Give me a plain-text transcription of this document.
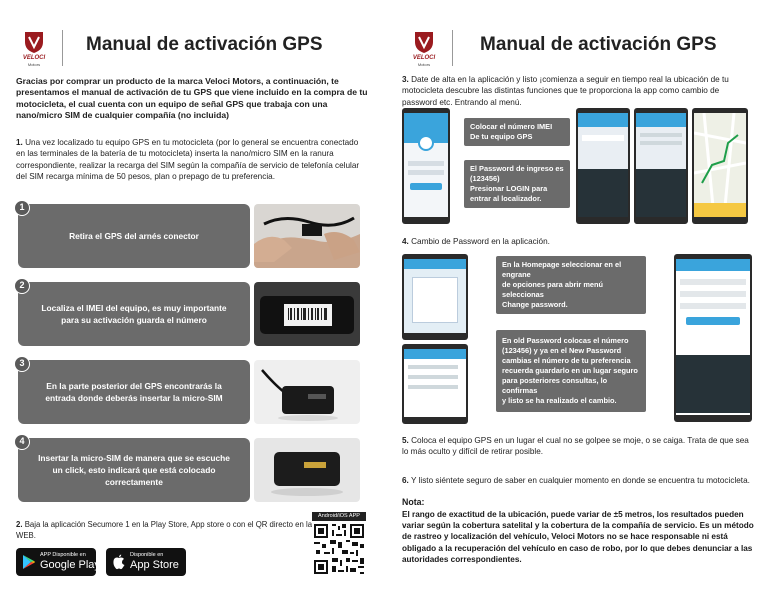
VELOCI
Motors
Manual de activación GPS
Gracias por comprar un producto de la marca Veloci Motors, a continuación, te presentamos el manual de activación de tu GPS que viene incluido en la compra de tu motocicleta, el cual cuenta con un equipo de señal GPS que trabaja con una nano/micro SIM de cualquier compañía (no incluida)
1. Una vez localizado tu equipo GPS en tu motocicleta (por lo general se encuentra conectado en las terminales de la batería de tu motocicleta) inserta la nano/micro SIM en la ranura correspondiente, realizar la recarga del SIM según la compañía de servicio de telefonía celular del SIM recarga mínima de 50 pesos, plan o prepago de tu preferencia.
Retira el GPS del arnés conector
1
Localiza el IMEI del equipo, es muy importante para su activación guarda el número
2
En la parte posterior del GPS encontrarás la entrada donde deberás insertar la micro-SIM
3
Insertar la micro-SIM de manera que se escuche un click, esto indicará que está colocado correctamente
4
2. Baja la aplicación Secumore 1 en la Play Store, App store o con el QR directo en la WEB.
Android/iOS APP
APP Disponible en
Google Play
Disponible en
App Store
VELOCI
Motors
Manual de activación GPS
3. Date de alta en la aplicación y listo ¡comienza a seguir en tiempo real la ubicación de tu motocicleta descubre las distintas funciones que te proporciona la app como cambio de password etc. Entrando al menú.
Colocar el número IMEI
De tu equipo GPS
El Password de ingreso es
(123456)
Presionar LOGIN para
entrar al localizador.
4. Cambio de Password en la aplicación.
En la Homepage seleccionar en el engrane
de opciones para abrir menú seleccionas
Change password.
En old Password colocas el número
(123456) y ya en el New Password
cambias el número de tu preferencia
recuerda guardarlo en un lugar seguro
para posteriores consultas, lo confirmas
y listo se ha realizado el cambio.
5. Coloca el equipo GPS en un lugar el cual no se golpee se moje, o se caiga. Trata de que sea lo más oculto y difícil de retirar posible.
6. Y listo siéntete seguro de saber en cualquier momento en donde se encuentra tu motocicleta.
Nota:
El rango de exactitud de la ubicación, puede variar de ±5 metros, los resultados pueden variar según la cobertura satelital y la cobertura de la compañía de servicio. Es un método de rastreo y localización del vehículo, Veloci Motors no se hace responsable ni está obligado a la recuperación del vehículo en caso de robo, por lo que debes denunciar a las autoridades correspondientes.
